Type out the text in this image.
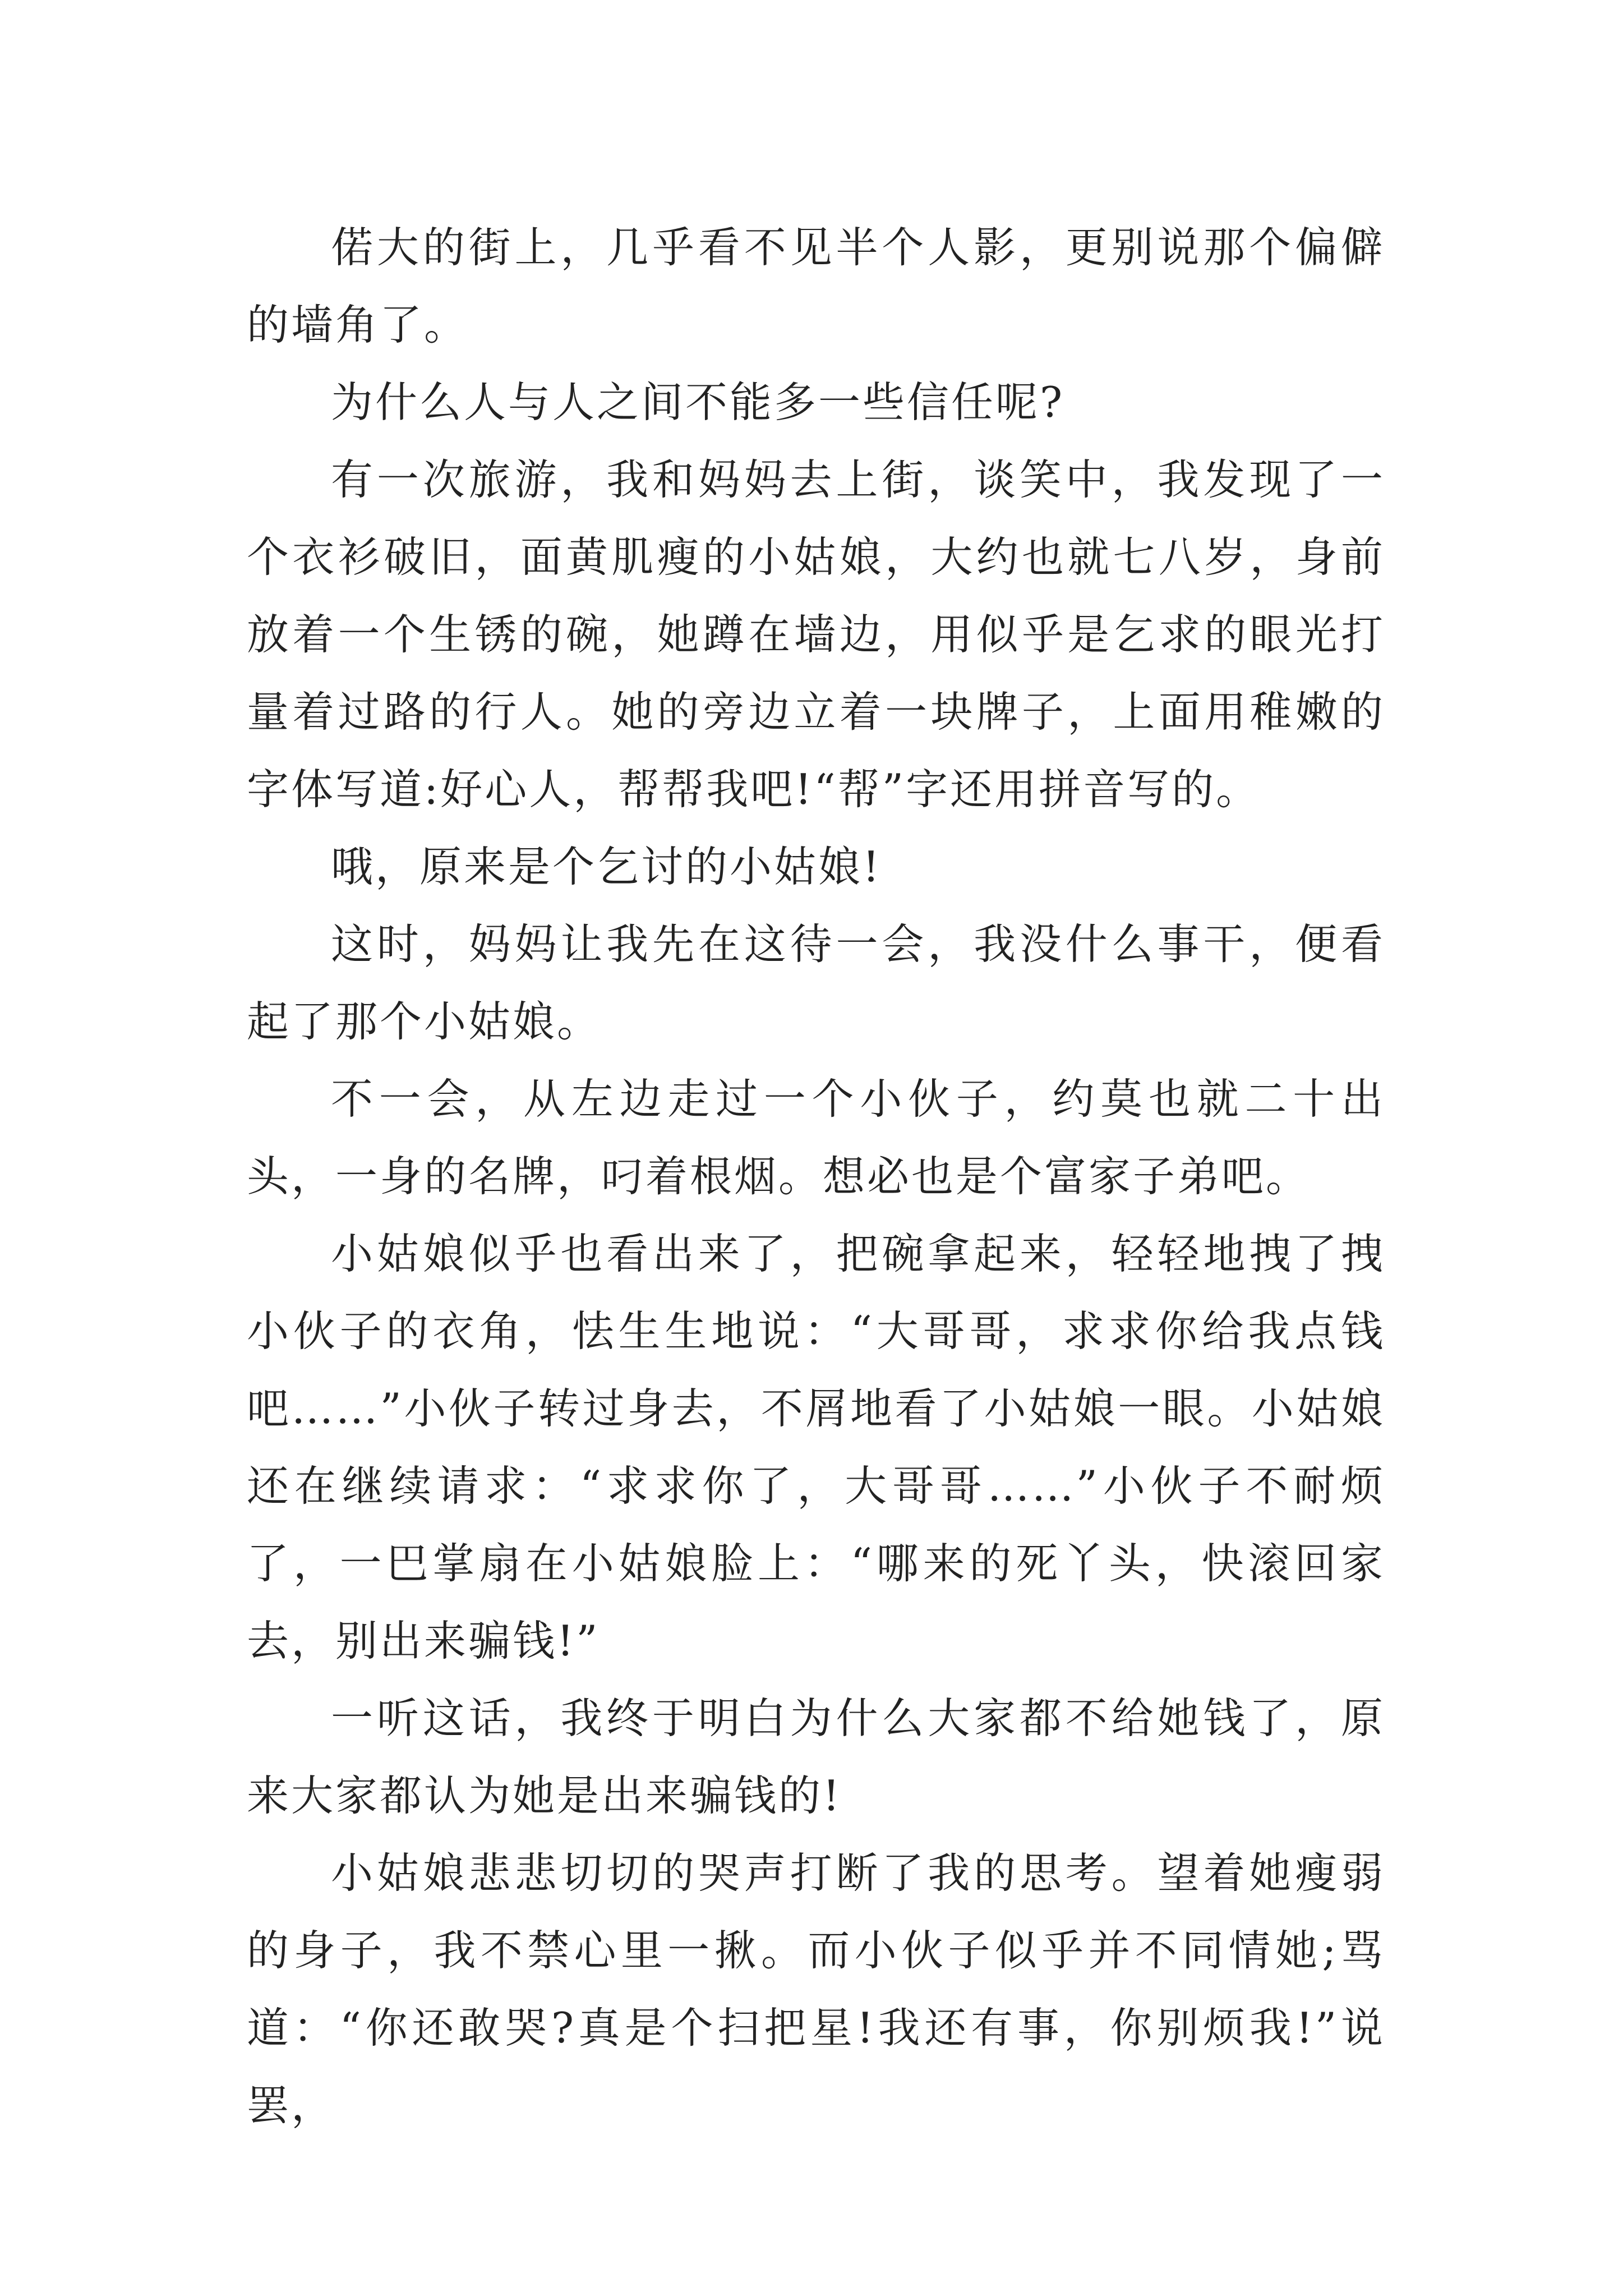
偌大的街上，几乎看不见半个人影，更别说那个偏僻的墙角了。

为什么人与人之间不能多一些信任呢?

有一次旅游，我和妈妈去上街，谈笑中，我发现了一个衣衫破旧，面黄肌瘦的小姑娘，大约也就七八岁，身前放着一个生锈的碗，她蹲在墙边，用似乎是乞求的眼光打量着过路的行人。她的旁边立着一块牌子，上面用稚嫩的字体写道:好心人，帮帮我吧!“帮”字还用拼音写的。

哦，原来是个乞讨的小姑娘!

这时，妈妈让我先在这待一会，我没什么事干，便看起了那个小姑娘。

不一会，从左边走过一个小伙子，约莫也就二十出头，一身的名牌，叼着根烟。想必也是个富家子弟吧。

小姑娘似乎也看出来了，把碗拿起来，轻轻地拽了拽小伙子的衣角，怯生生地说：“大哥哥，求求你给我点钱吧……”小伙子转过身去，不屑地看了小姑娘一眼。小姑娘还在继续请求：“求求你了，大哥哥……”小伙子不耐烦了，一巴掌扇在小姑娘脸上：“哪来的死丫头，快滚回家去，别出来骗钱!”

一听这话，我终于明白为什么大家都不给她钱了，原来大家都认为她是出来骗钱的!

小姑娘悲悲切切的哭声打断了我的思考。望着她瘦弱的身子，我不禁心里一揪。而小伙子似乎并不同情她;骂道：“你还敢哭?真是个扫把星!我还有事，你别烦我!”说罢，
